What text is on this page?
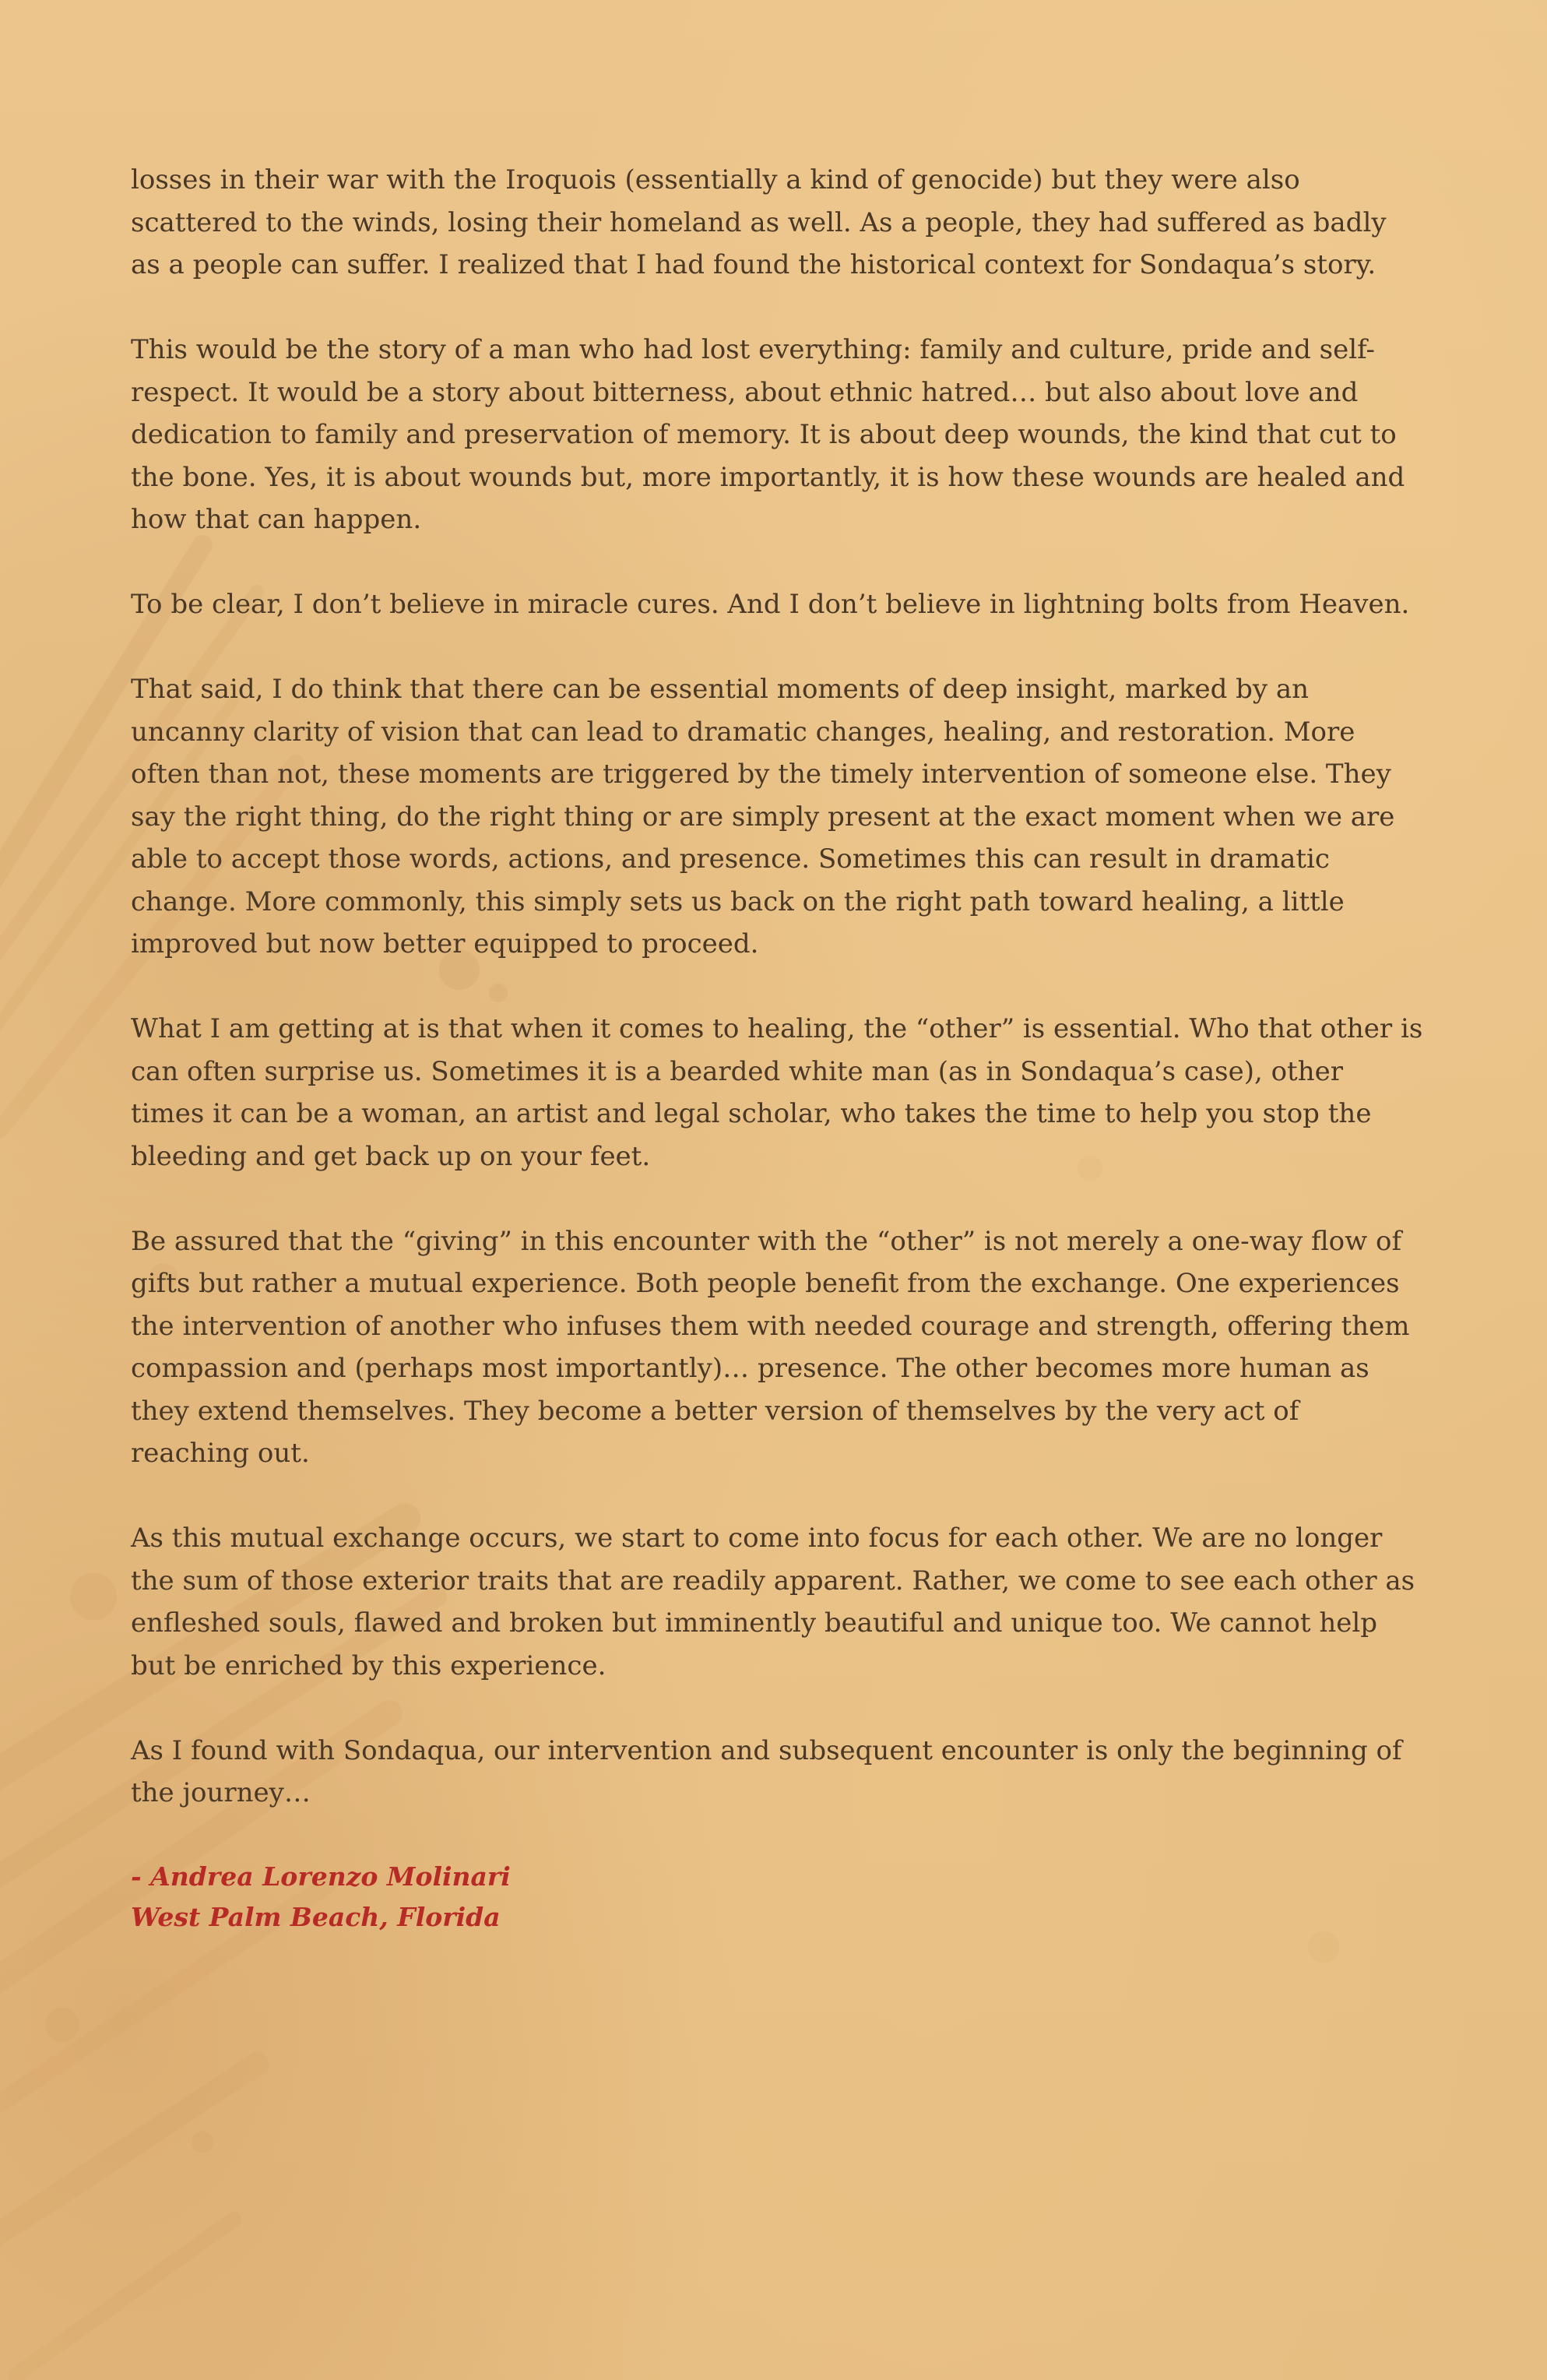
losses in their war with the Iroquois (essentially a kind of genocide) but they were also scattered to the winds, losing their homeland as well. As a people, they had suffered as badly as a people can suffer. I realized that I had found the historical context for Sondaqua’s story.

This would be the story of a man who had lost everything: family and culture, pride and self-respect. It would be a story about bitterness, about ethnic hatred… but also about love and dedication to family and preservation of memory. It is about deep wounds, the kind that cut to the bone. Yes, it is about wounds but, more importantly, it is how these wounds are healed and how that can happen.

To be clear, I don’t believe in miracle cures. And I don’t believe in lightning bolts from Heaven.

That said, I do think that there can be essential moments of deep insight, marked by an uncanny clarity of vision that can lead to dramatic changes, healing, and restoration. More often than not, these moments are triggered by the timely intervention of someone else. They say the right thing, do the right thing or are simply present at the exact moment when we are able to accept those words, actions, and presence. Sometimes this can result in dramatic change. More commonly, this simply sets us back on the right path toward healing, a little improved but now better equipped to proceed.

What I am getting at is that when it comes to healing, the “other” is essential. Who that other is can often surprise us. Sometimes it is a bearded white man (as in Sondaqua’s case), other times it can be a woman, an artist and legal scholar, who takes the time to help you stop the bleeding and get back up on your feet.

Be assured that the “giving” in this encounter with the “other” is not merely a one-way flow of gifts but rather a mutual experience. Both people benefit from the exchange. One experiences the intervention of another who infuses them with needed courage and strength, offering them compassion and (perhaps most importantly)… presence. The other becomes more human as they extend themselves. They become a better version of themselves by the very act of reaching out.

As this mutual exchange occurs, we start to come into focus for each other. We are no longer the sum of those exterior traits that are readily apparent. Rather, we come to see each other as enfleshed souls, flawed and broken but imminently beautiful and unique too. We cannot help but be enriched by this experience.

As I found with Sondaqua, our intervention and subsequent encounter is only the beginning of the journey…

- Andrea Lorenzo Molinari
West Palm Beach, Florida
